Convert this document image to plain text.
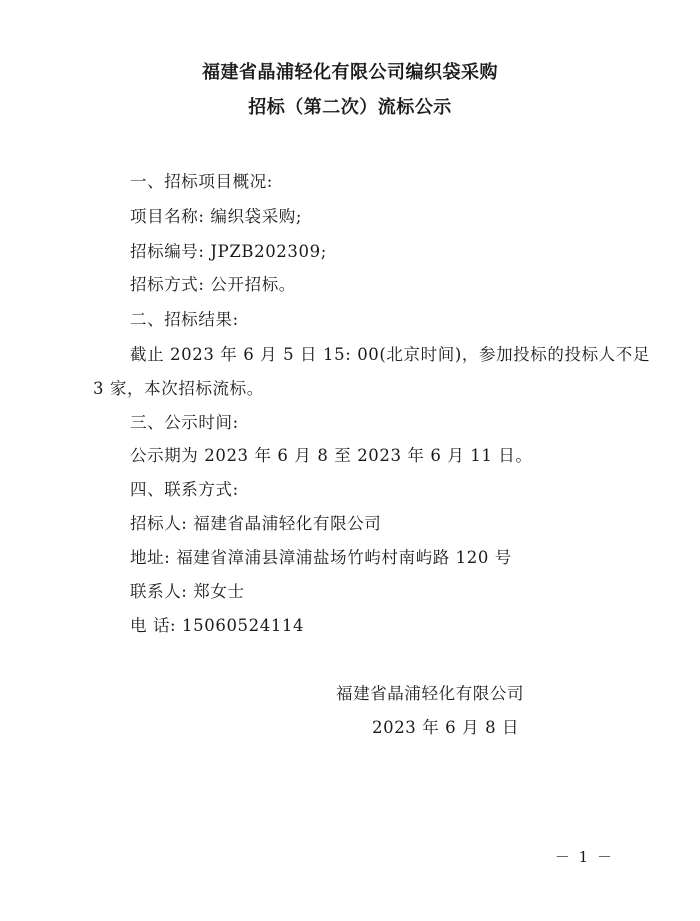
福建省晶浦轻化有限公司编织袋采购
招标（第二次）流标公示
一、招标项目概况:
项目名称: 编织袋采购;
招标编号: JPZB202309;
招标方式: 公开招标。
二、招标结果:
截止 2023 年 6 月 5 日 15: 00(北京时间)，参加投标的投标人不足
3 家，本次招标流标。
三、公示时间:
公示期为 2023 年 6 月 8 至 2023 年 6 月 11 日。
四、联系方式:
招标人: 福建省晶浦轻化有限公司
地址: 福建省漳浦县漳浦盐场竹屿村南屿路 120 号
联系人: 郑女士
电 话: 15060524114
福建省晶浦轻化有限公司
2023 年 6 月 8 日
－ 1 －
